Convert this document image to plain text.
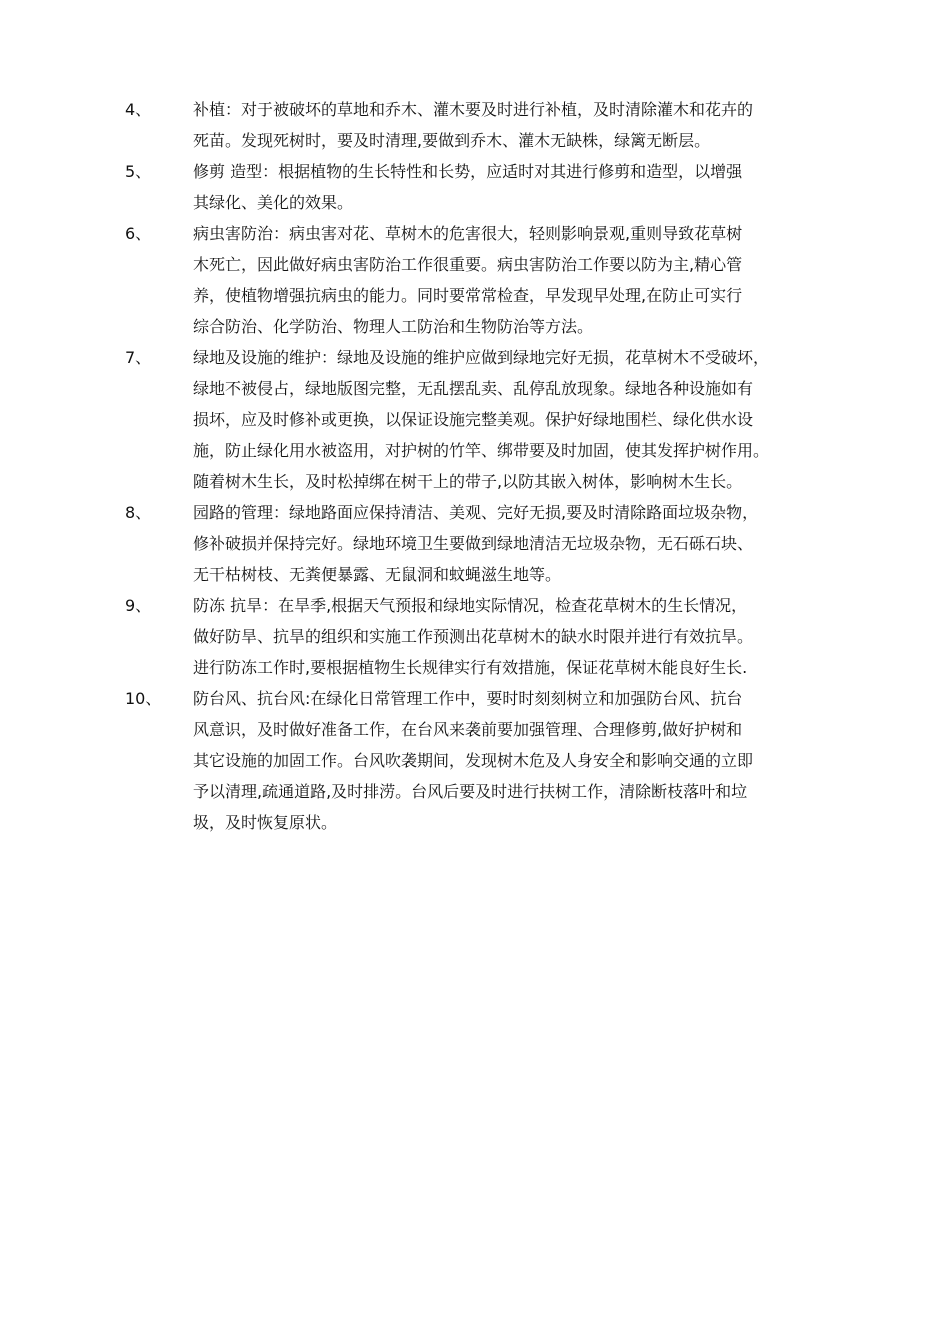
4、	补植：对于被破坏的草地和乔木、灌木要及时进行补植，及时清除灌木和花卉的
死苗。发现死树时，要及时清理,要做到乔木、灌木无缺株，绿篱无断层。
5、	修剪 造型：根据植物的生长特性和长势，应适时对其进行修剪和造型，以增强
其绿化、美化的效果。
6、	病虫害防治：病虫害对花、草树木的危害很大，轻则影响景观,重则导致花草树
木死亡，因此做好病虫害防治工作很重要。病虫害防治工作要以防为主,精心管
养，使植物增强抗病虫的能力。同时要常常检查，早发现早处理,在防止可实行
综合防治、化学防治、物理人工防治和生物防治等方法。
7、	绿地及设施的维护：绿地及设施的维护应做到绿地完好无损，花草树木不受破坏，
绿地不被侵占，绿地版图完整，无乱摆乱卖、乱停乱放现象。绿地各种设施如有
损坏，应及时修补或更换，以保证设施完整美观。保护好绿地围栏、绿化供水设
施，防止绿化用水被盗用，对护树的竹竿、绑带要及时加固，使其发挥护树作用。
随着树木生长，及时松掉绑在树干上的带子,以防其嵌入树体，影响树木生长。
8、	园路的管理：绿地路面应保持清洁、美观、完好无损,要及时清除路面垃圾杂物，
修补破损并保持完好。绿地环境卫生要做到绿地清洁无垃圾杂物，无石砾石块、
无干枯树枝、无粪便暴露、无鼠洞和蚊蝇滋生地等。
9、	防冻 抗旱：在旱季,根据天气预报和绿地实际情况，检查花草树木的生长情况，
做好防旱、抗旱的组织和实施工作预测出花草树木的缺水时限并进行有效抗旱。
进行防冻工作时,要根据植物生长规律实行有效措施，保证花草树木能良好生长.
10、 防台风、抗台风:在绿化日常管理工作中，要时时刻刻树立和加强防台风、抗台
风意识，及时做好准备工作，在台风来袭前要加强管理、合理修剪,做好护树和
其它设施的加固工作。台风吹袭期间，发现树木危及人身安全和影响交通的立即
予以清理,疏通道路,及时排涝。台风后要及时进行扶树工作，清除断枝落叶和垃
圾，及时恢复原状。
